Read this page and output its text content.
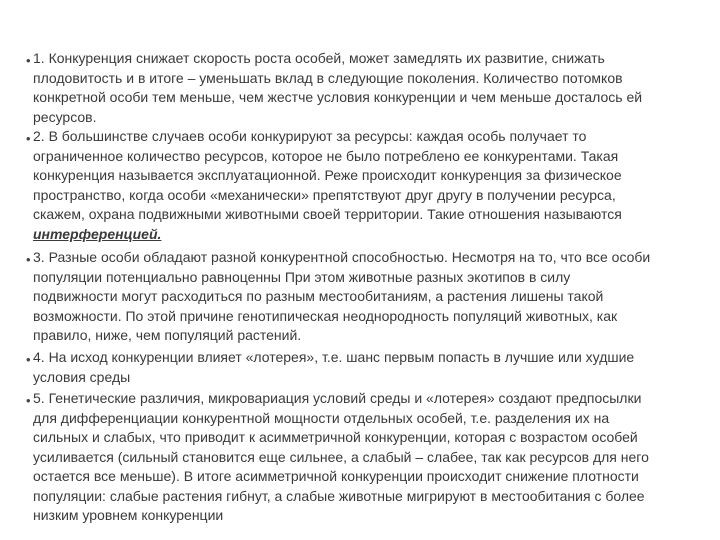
• 1. Конкуренция снижает скорость роста особей, может замедлять их развитие, снижать
плодовитость и в итоге – уменьшать вклад в следующие поколения. Количество потомков
конкретной особи тем меньше, чем жестче условия конкуренции и чем меньше досталось ей
ресурсов.
• 2. В большинстве случаев особи конкурируют за ресурсы: каждая особь получает то
ограниченное количество ресурсов, которое не было потреблено ее конкурентами. Такая
конкуренция называется эксплуатационной. Реже происходит конкуренция за физическое
пространство, когда особи «механически» препятствуют друг другу в получении ресурса,
скажем, охрана подвижными животными своей территории. Такие отношения называются
интерференцией.
• 3. Разные особи обладают разной конкурентной способностью. Несмотря на то, что все особи
популяции потенциально равноценны При этом животные разных экотипов в силу
подвижности могут расходиться по разным местообитаниям, а растения лишены такой
возможности. По этой причине генотипическая неоднородность популяций животных, как
правило, ниже, чем популяций растений.
• 4. На исход конкуренции влияет «лотерея», т.е. шанс первым попасть в лучшие или худшие
условия среды
• 5. Генетические различия, микровариация условий среды и «лотерея» создают предпосылки
для дифференциации конкурентной мощности отдельных особей, т.е. разделения их на
сильных и слабых, что приводит к асимметричной конкуренции, которая с возрастом особей
усиливается (сильный становится еще сильнее, а слабый – слабее, так как ресурсов для него
остается все меньше). В итоге асимметричной конкуренции происходит снижение плотности
популяции: слабые растения гибнут, а слабые животные мигрируют в местообитания с более
низким уровнем конкуренции
